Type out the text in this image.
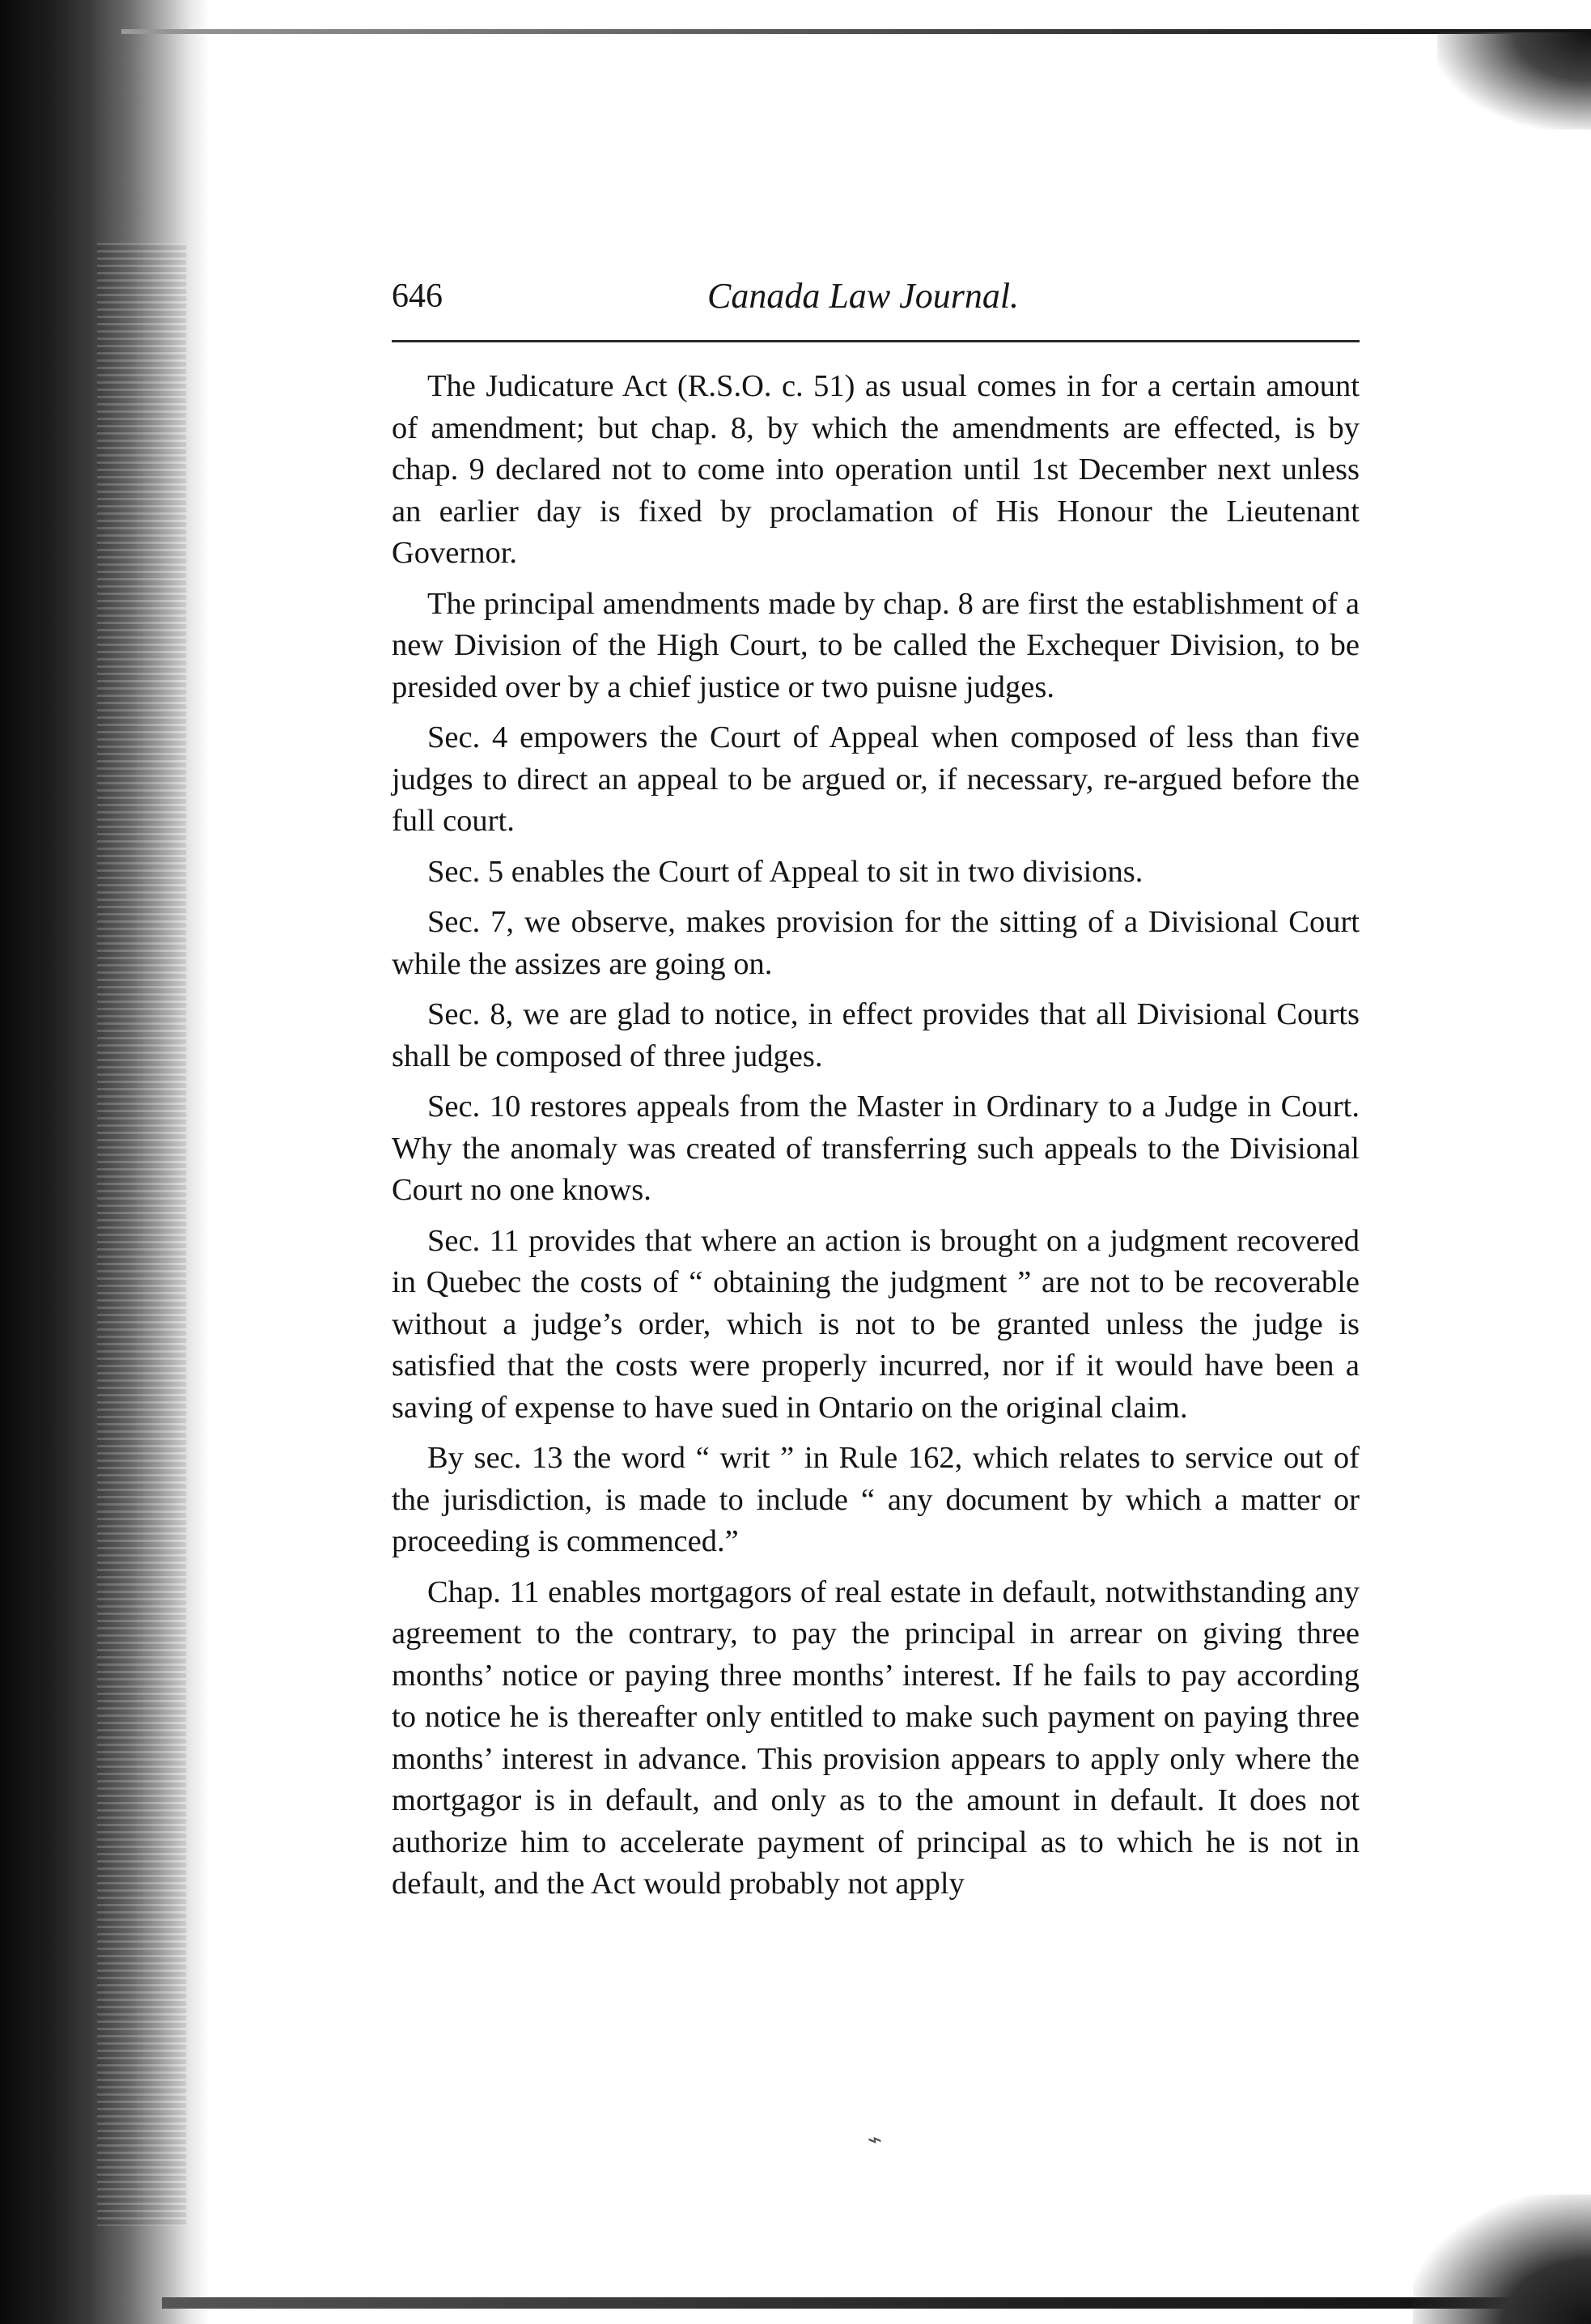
646	Canada Law Journal.

The Judicature Act (R.S.O. c. 51) as usual comes in for a certain amount of amendment; but chap. 8, by which the amendments are effected, is by chap. 9 declared not to come into operation until 1st December next unless an earlier day is fixed by proclamation of His Honour the Lieutenant Governor.

The principal amendments made by chap. 8 are first the establishment of a new Division of the High Court, to be called the Exchequer Division, to be presided over by a chief justice or two puisne judges.

Sec. 4 empowers the Court of Appeal when composed of less than five judges to direct an appeal to be argued or, if necessary, re-argued before the full court.

Sec. 5 enables the Court of Appeal to sit in two divisions.

Sec. 7, we observe, makes provision for the sitting of a Divisional Court while the assizes are going on.

Sec. 8, we are glad to notice, in effect provides that all Divisional Courts shall be composed of three judges.

Sec. 10 restores appeals from the Master in Ordinary to a Judge in Court. Why the anomaly was created of transferring such appeals to the Divisional Court no one knows.

Sec. 11 provides that where an action is brought on a judgment recovered in Quebec the costs of “ obtaining the judgment ” are not to be recoverable without a judge’s order, which is not to be granted unless the judge is satisfied that the costs were properly incurred, nor if it would have been a saving of expense to have sued in Ontario on the original claim.

By sec. 13 the word “ writ ” in Rule 162, which relates to service out of the jurisdiction, is made to include “ any document by which a matter or proceeding is commenced.”

Chap. 11 enables mortgagors of real estate in default, notwithstanding any agreement to the contrary, to pay the principal in arrear on giving three months’ notice or paying three months’ interest. If he fails to pay according to notice he is thereafter only entitled to make such payment on paying three months’ interest in advance. This provision appears to apply only where the mortgagor is in default, and only as to the amount in default. It does not authorize him to accelerate payment of principal as to which he is not in default, and the Act would probably not apply

⌁
